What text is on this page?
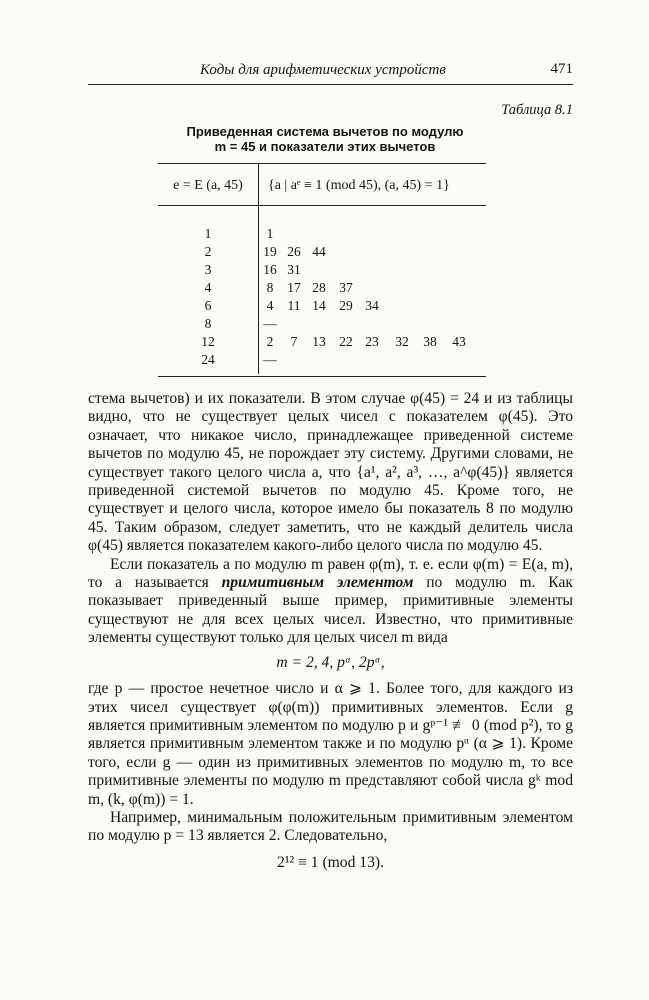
Коды для арифметических устройств	471
Таблица 8.1
Приведенная система вычетов по модулю
m = 45 и показатели этих вычетов
e = E (a, 45)	{a | aᵉ ≡ 1 (mod 45), (a, 45) = 1}
1	1
2	19 26 44
3	16 31
4	8	17 28	37
6	4	11 14	29 34
8	—
12	2	7	13	22 23	32	38	43
24	—

стема вычетов) и их показатели. В этом случае φ(45) = 24 и из таблицы видно, что не существует целых чисел с показателем φ(45). Это означает, что никакое число, принадлежащее приведенной системе вычетов по модулю 45, не порождает эту систему. Другими словами, не существует такого целого числа a, что {a¹, a², a³, …, a^φ(45)} является приведенной системой вычетов по модулю 45. Кроме того, не существует и целого числа, которое имело бы показатель 8 по модулю 45. Таким образом, следует заметить, что не каждый делитель числа φ(45) является показателем какого-либо целого числа по модулю 45.

Если показатель a по модулю m равен φ(m), т. е. если φ(m) = E(a, m), то a называется примитивным элементом по модулю m. Как показывает приведенный выше пример, примитивные элементы существуют не для всех целых чисел. Известно, что примитивные элементы существуют только для целых чисел m вида

m = 2, 4, pᵅ, 2pᵅ,

где p — простое нечетное число и α ⩾ 1. Более того, для каждого из этих чисел существует φ(φ(m)) примитивных элементов. Если g является примитивным элементом по модулю p и gᵖ⁻¹ ≢ 0 (mod p²), то g является примитивным элементом также и по модулю pᵅ (α ⩾ 1). Кроме того, если g — один из примитивных элементов по модулю m, то все примитивные элементы по модулю m представляют собой числа gᵏ mod m, (k, φ(m)) = 1.

Например, минимальным положительным примитивным элементом по модулю p = 13 является 2. Следовательно,

2¹² ≡ 1 (mod 13).
